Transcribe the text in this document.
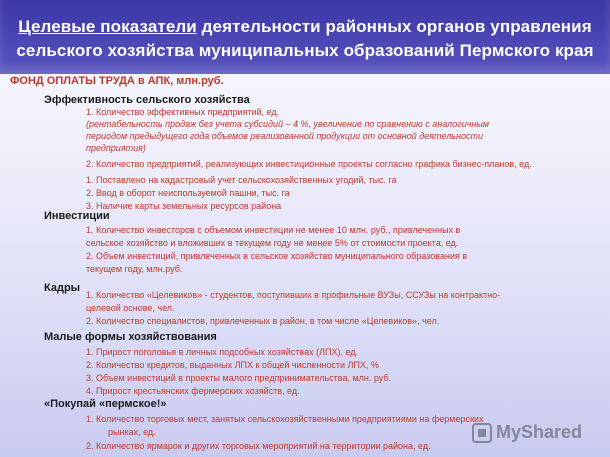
Целевые показатели деятельности районных органов управления
сельского хозяйства муниципальных образований Пермского края
ФОНД ОПЛАТЫ ТРУДА в АПК, млн.руб.
Эффективность сельского хозяйства
1. Количество эффективных предприятий, ед.
(рентабельность продаж без учета субсидий – 4 %, увеличение по сравнению с аналогичным
периодом предыдущего года объемов реализованной продукции от основной деятельности
предприятия)
2. Количество предприятий, реализующих инвестиционные проекты согласно графика бизнес-планов, ед.
1. Поставлено на кадастровый учет сельскохозяйственных угодий, тыс. га
2. Ввод в оборот неиспользуемой пашни, тыс. га
3. Наличие карты земельных ресурсов района
Инвестиции
1. Количество инвесторов с объемом инвестиции не менее 10 млн. руб., привлеченных в
сельское хозяйство и вложивших в текущем году не менее 5% от стоимости проекта, ед.
2. Объем инвестиций, привлеченных в сельское хозяйство муниципального образования в
текущем году, млн.руб.
Кадры
1. Количество «Целевиков» - студентов, поступивших в профильные ВУЗы, ССУЗы на контрактно-
целевой основе, чел.
2. Количество специалистов, привлеченных в район, в том числе «Целевиков», чел.
Малые формы хозяйствования
1. Прирост поголовья в личных подсобных хозяйствах (ЛПХ), ед.
2. Количество кредитов, выданных ЛПХ к общей численности ЛПХ, %
3. Объем инвестиций в проекты малого предпринимательства, млн. руб.
4. Прирост крестьянских фермерских хозяйств, ед.
«Покупай «пермское!»
1. Количество торговых мест, занятых сельскохозяйственными предприятиями на фермерских
рынках, ед.
2. Количество ярмарок и других торговых мероприятий на территории района, ед.
MyShared
